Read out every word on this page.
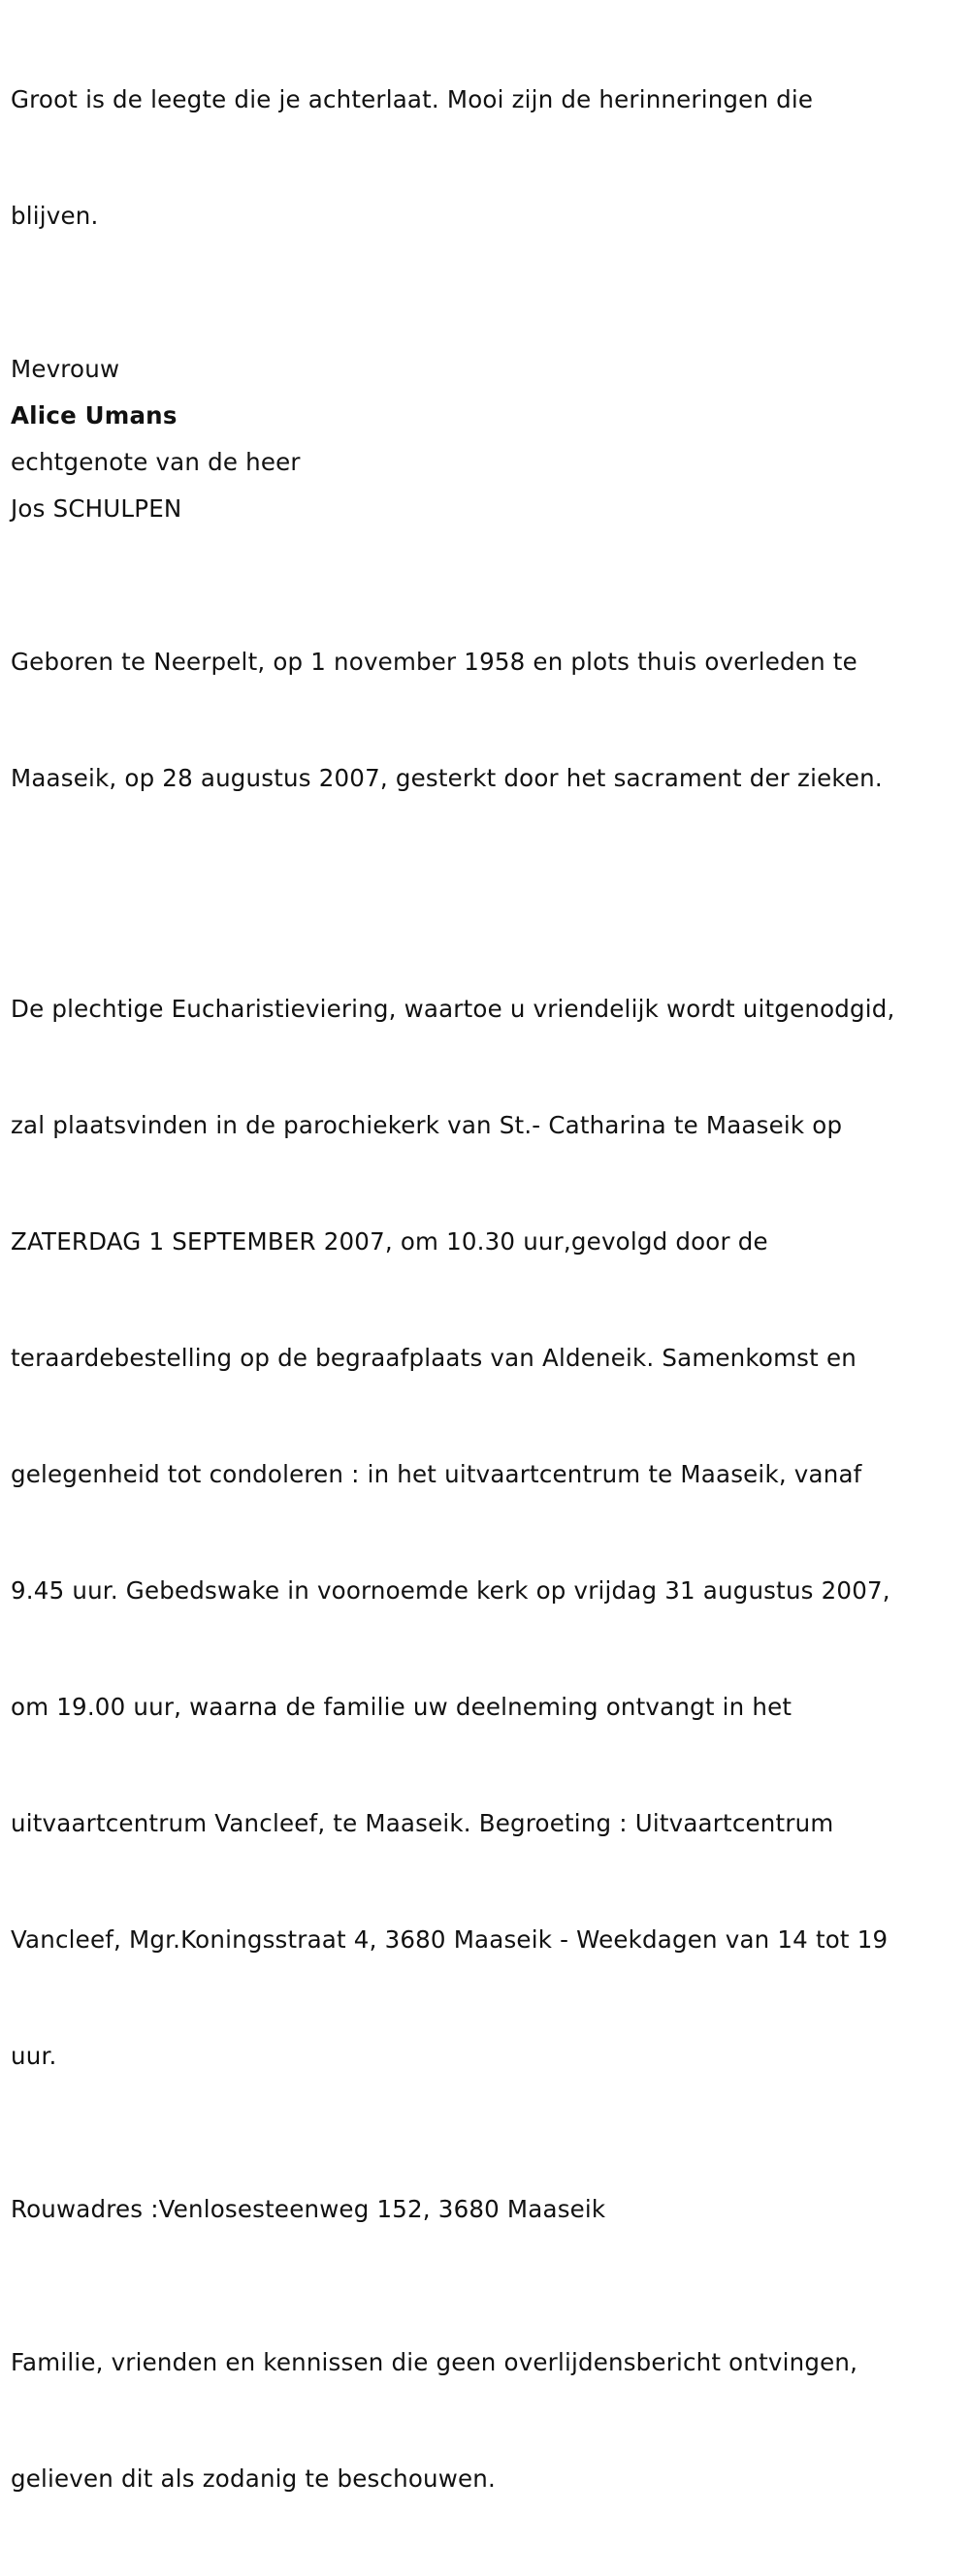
Groot is de leegte die je achterlaat. Mooi zijn de herinneringen die

blijven.

Mevrouw
Alice Umans
echtgenote van de heer
Jos SCHULPEN

Geboren te Neerpelt, op 1 november 1958 en plots thuis overleden te

Maaseik, op 28 augustus 2007, gesterkt door het sacrament der zieken.

De plechtige Eucharistieviering, waartoe u vriendelijk wordt uitgenodgid,

zal plaatsvinden in de parochiekerk van St.- Catharina te Maaseik op

ZATERDAG 1 SEPTEMBER 2007, om 10.30 uur,gevolgd door de

teraardebestelling op de begraafplaats van Aldeneik. Samenkomst en

gelegenheid tot condoleren : in het uitvaartcentrum te Maaseik, vanaf

9.45 uur. Gebedswake in voornoemde kerk op vrijdag 31 augustus 2007,

om 19.00 uur, waarna de familie uw deelneming ontvangt in het

uitvaartcentrum Vancleef, te Maaseik. Begroeting : Uitvaartcentrum

Vancleef, Mgr.Koningsstraat 4, 3680 Maaseik - Weekdagen van 14 tot 19

uur.

Rouwadres :Venlosesteenweg 152, 3680 Maaseik

Familie, vrienden en kennissen die geen overlijdensbericht ontvingen,

gelieven dit als zodanig te beschouwen.
